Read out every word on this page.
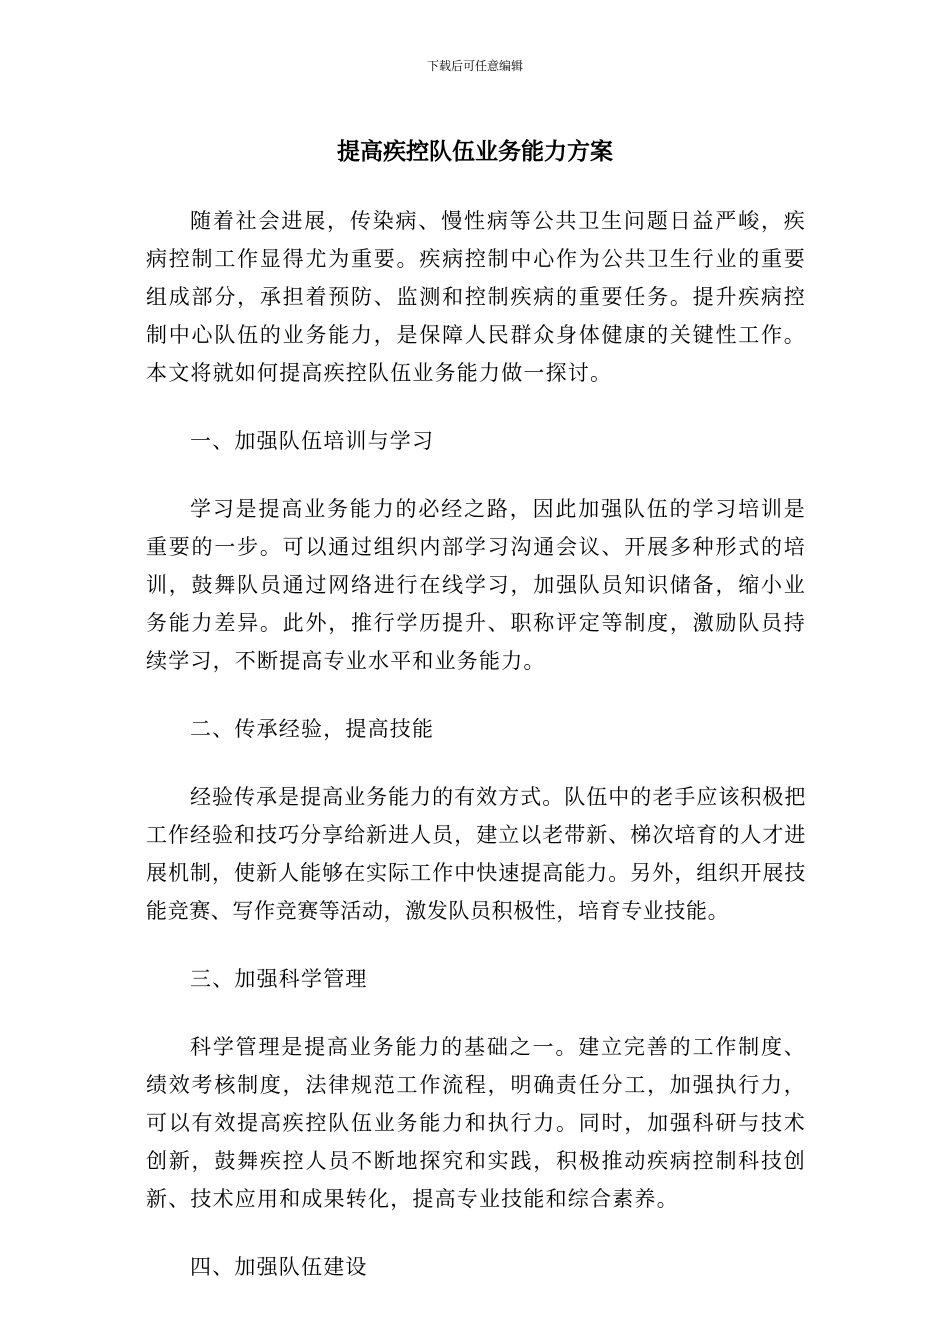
下载后可任意编辑
提高疾控队伍业务能力方案

随着社会进展，传染病、慢性病等公共卫生问题日益严峻，疾病控制工作显得尤为重要。疾病控制中心作为公共卫生行业的重要组成部分，承担着预防、监测和控制疾病的重要任务。提升疾病控制中心队伍的业务能力，是保障人民群众身体健康的关键性工作。本文将就如何提高疾控队伍业务能力做一探讨。

一、加强队伍培训与学习

学习是提高业务能力的必经之路，因此加强队伍的学习培训是重要的一步。可以通过组织内部学习沟通会议、开展多种形式的培训，鼓舞队员通过网络进行在线学习，加强队员知识储备，缩小业务能力差异。此外，推行学历提升、职称评定等制度，激励队员持续学习，不断提高专业水平和业务能力。

二、传承经验，提高技能

经验传承是提高业务能力的有效方式。队伍中的老手应该积极把工作经验和技巧分享给新进人员，建立以老带新、梯次培育的人才进展机制，使新人能够在实际工作中快速提高能力。另外，组织开展技能竞赛、写作竞赛等活动，激发队员积极性，培育专业技能。

三、加强科学管理

科学管理是提高业务能力的基础之一。建立完善的工作制度、绩效考核制度，法律规范工作流程，明确责任分工，加强执行力，可以有效提高疾控队伍业务能力和执行力。同时，加强科研与技术创新，鼓舞疾控人员不断地探究和实践，积极推动疾病控制科技创新、技术应用和成果转化，提高专业技能和综合素养。

四、加强队伍建设
